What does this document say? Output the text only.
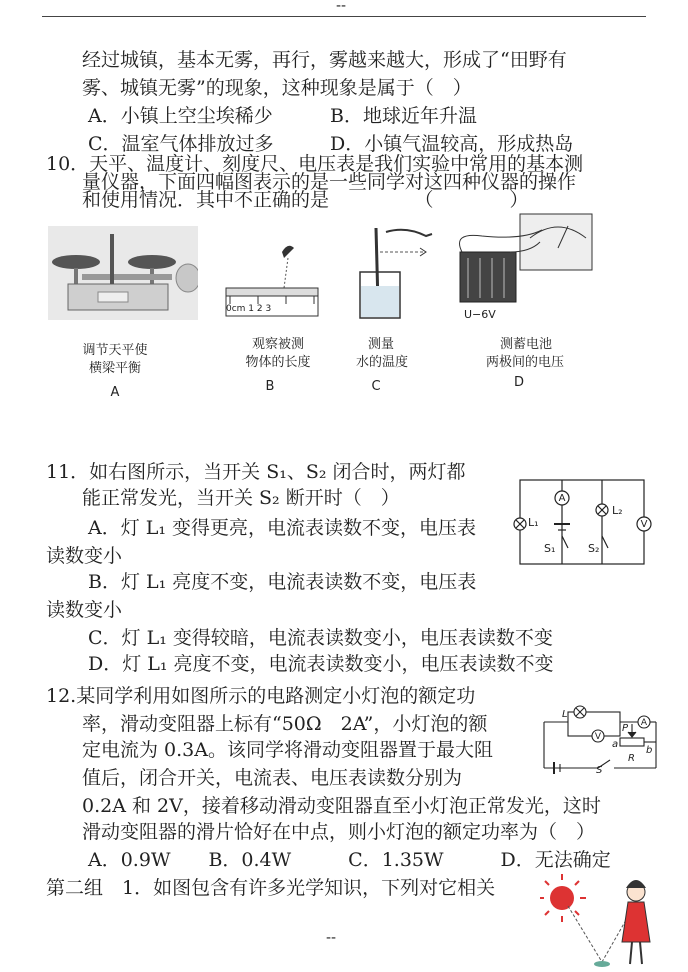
--
经过城镇，基本无雾，再行，雾越来越大，形成了“田野有
雾、城镇无雾”的现象，这种现象是属于（　）
A．小镇上空尘埃稀少	B．地球近年升温
C．温室气体排放过多	D．小镇气温较高，形成热岛
10．天平、温度计、刻度尺、电压表是我们实验中常用的基本测
量仪器，下面四幅图表示的是一些同学对这四种仪器的操作
和使用情况．其中不正确的是　　　　　（　　　　）
调节天平使
横梁平衡
A
0cm 1 2 3
观察被测
物体的长度
B
测量
水的温度
C
U−6V
测蓄电池
两极间的电压
D
11．如右图所示，当开关 S₁、S₂ 闭合时，两灯都
能正常发光，当开关 S₂ 断开时（　）
A．灯 L₁ 变得更亮，电流表读数不变，电压表
读数变小
B．灯 L₁ 亮度不变，电流表读数不变，电压表
读数变小
C．灯 L₁ 变得较暗，电流表读数变小，电压表读数不变
D．灯 L₁ 亮度不变，电流表读数变小，电压表读数不变
A
V
L₁
L₂
S₁	S₂
12.某同学利用如图所示的电路测定小灯泡的额定功
率，滑动变阻器上标有“50Ω　2A”，小灯泡的额
定电流为 0.3A。该同学将滑动变阻器置于最大阻
值后，闭合开关，电流表、电压表读数分别为
0.2A 和 2V，接着移动滑动变阻器直至小灯泡正常发光，这时
滑动变阻器的滑片恰好在中点，则小灯泡的额定功率为（　）
A．0.9W　　B．0.4W　　　C．1.35W　　　D．无法确定
L
A
V
P
a
b
R
S
第二组　1．如图包含有许多光学知识，下列对它相关
--
